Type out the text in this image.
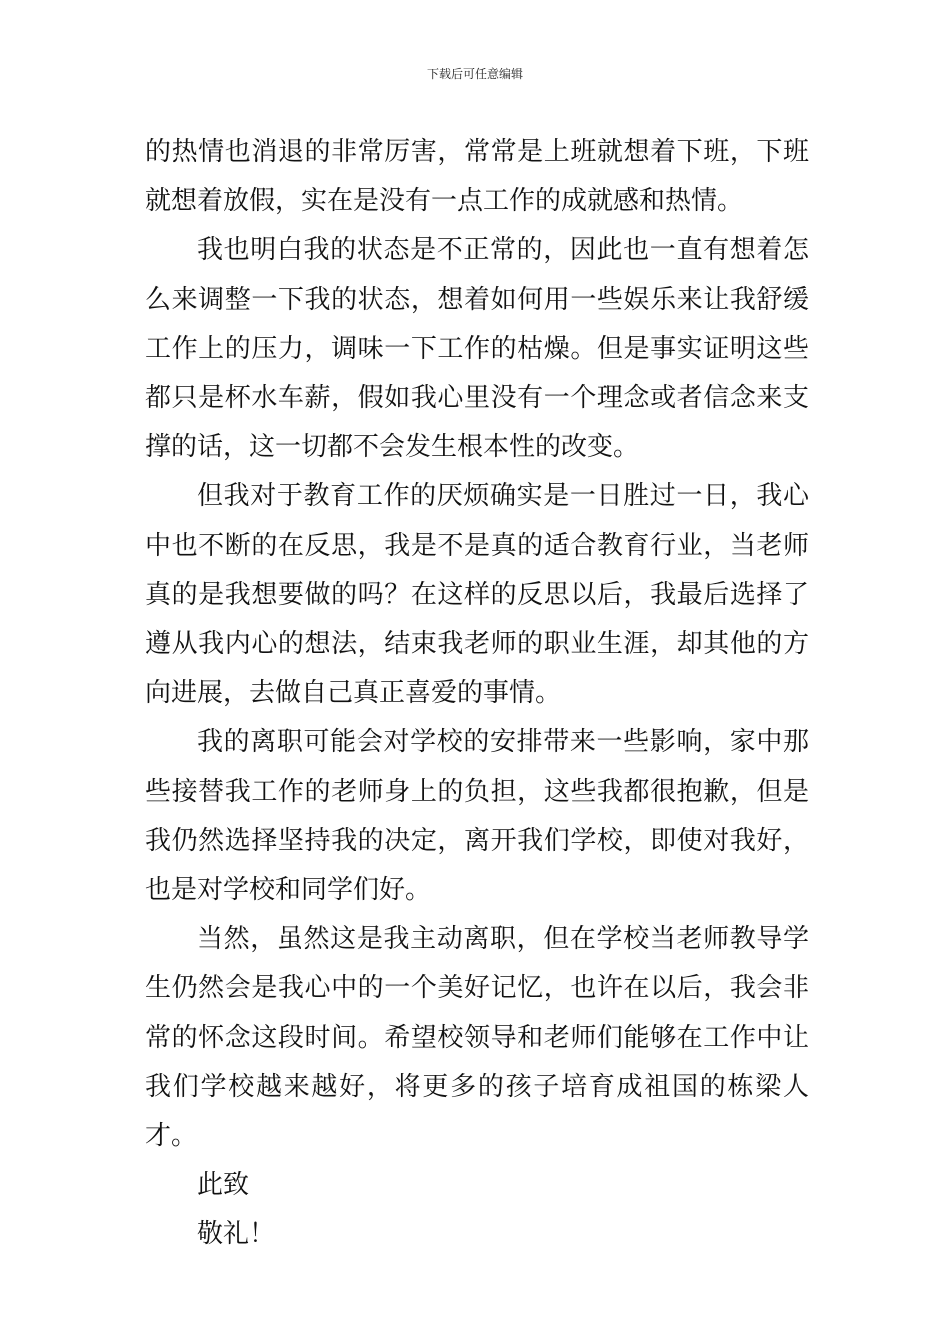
下载后可任意编辑

的热情也消退的非常厉害，常常是上班就想着下班，下班就想着放假，实在是没有一点工作的成就感和热情。

我也明白我的状态是不正常的，因此也一直有想着怎么来调整一下我的状态，想着如何用一些娱乐来让我舒缓工作上的压力，调味一下工作的枯燥。但是事实证明这些都只是杯水车薪，假如我心里没有一个理念或者信念来支撑的话，这一切都不会发生根本性的改变。

但我对于教育工作的厌烦确实是一日胜过一日，我心中也不断的在反思，我是不是真的适合教育行业，当老师真的是我想要做的吗？在这样的反思以后，我最后选择了遵从我内心的想法，结束我老师的职业生涯，却其他的方向进展，去做自己真正喜爱的事情。

我的离职可能会对学校的安排带来一些影响，家中那些接替我工作的老师身上的负担，这些我都很抱歉，但是我仍然选择坚持我的决定，离开我们学校，即使对我好，也是对学校和同学们好。

当然，虽然这是我主动离职，但在学校当老师教导学生仍然会是我心中的一个美好记忆，也许在以后，我会非常的怀念这段时间。希望校领导和老师们能够在工作中让我们学校越来越好，将更多的孩子培育成祖国的栋梁人才。

此致

敬礼！
